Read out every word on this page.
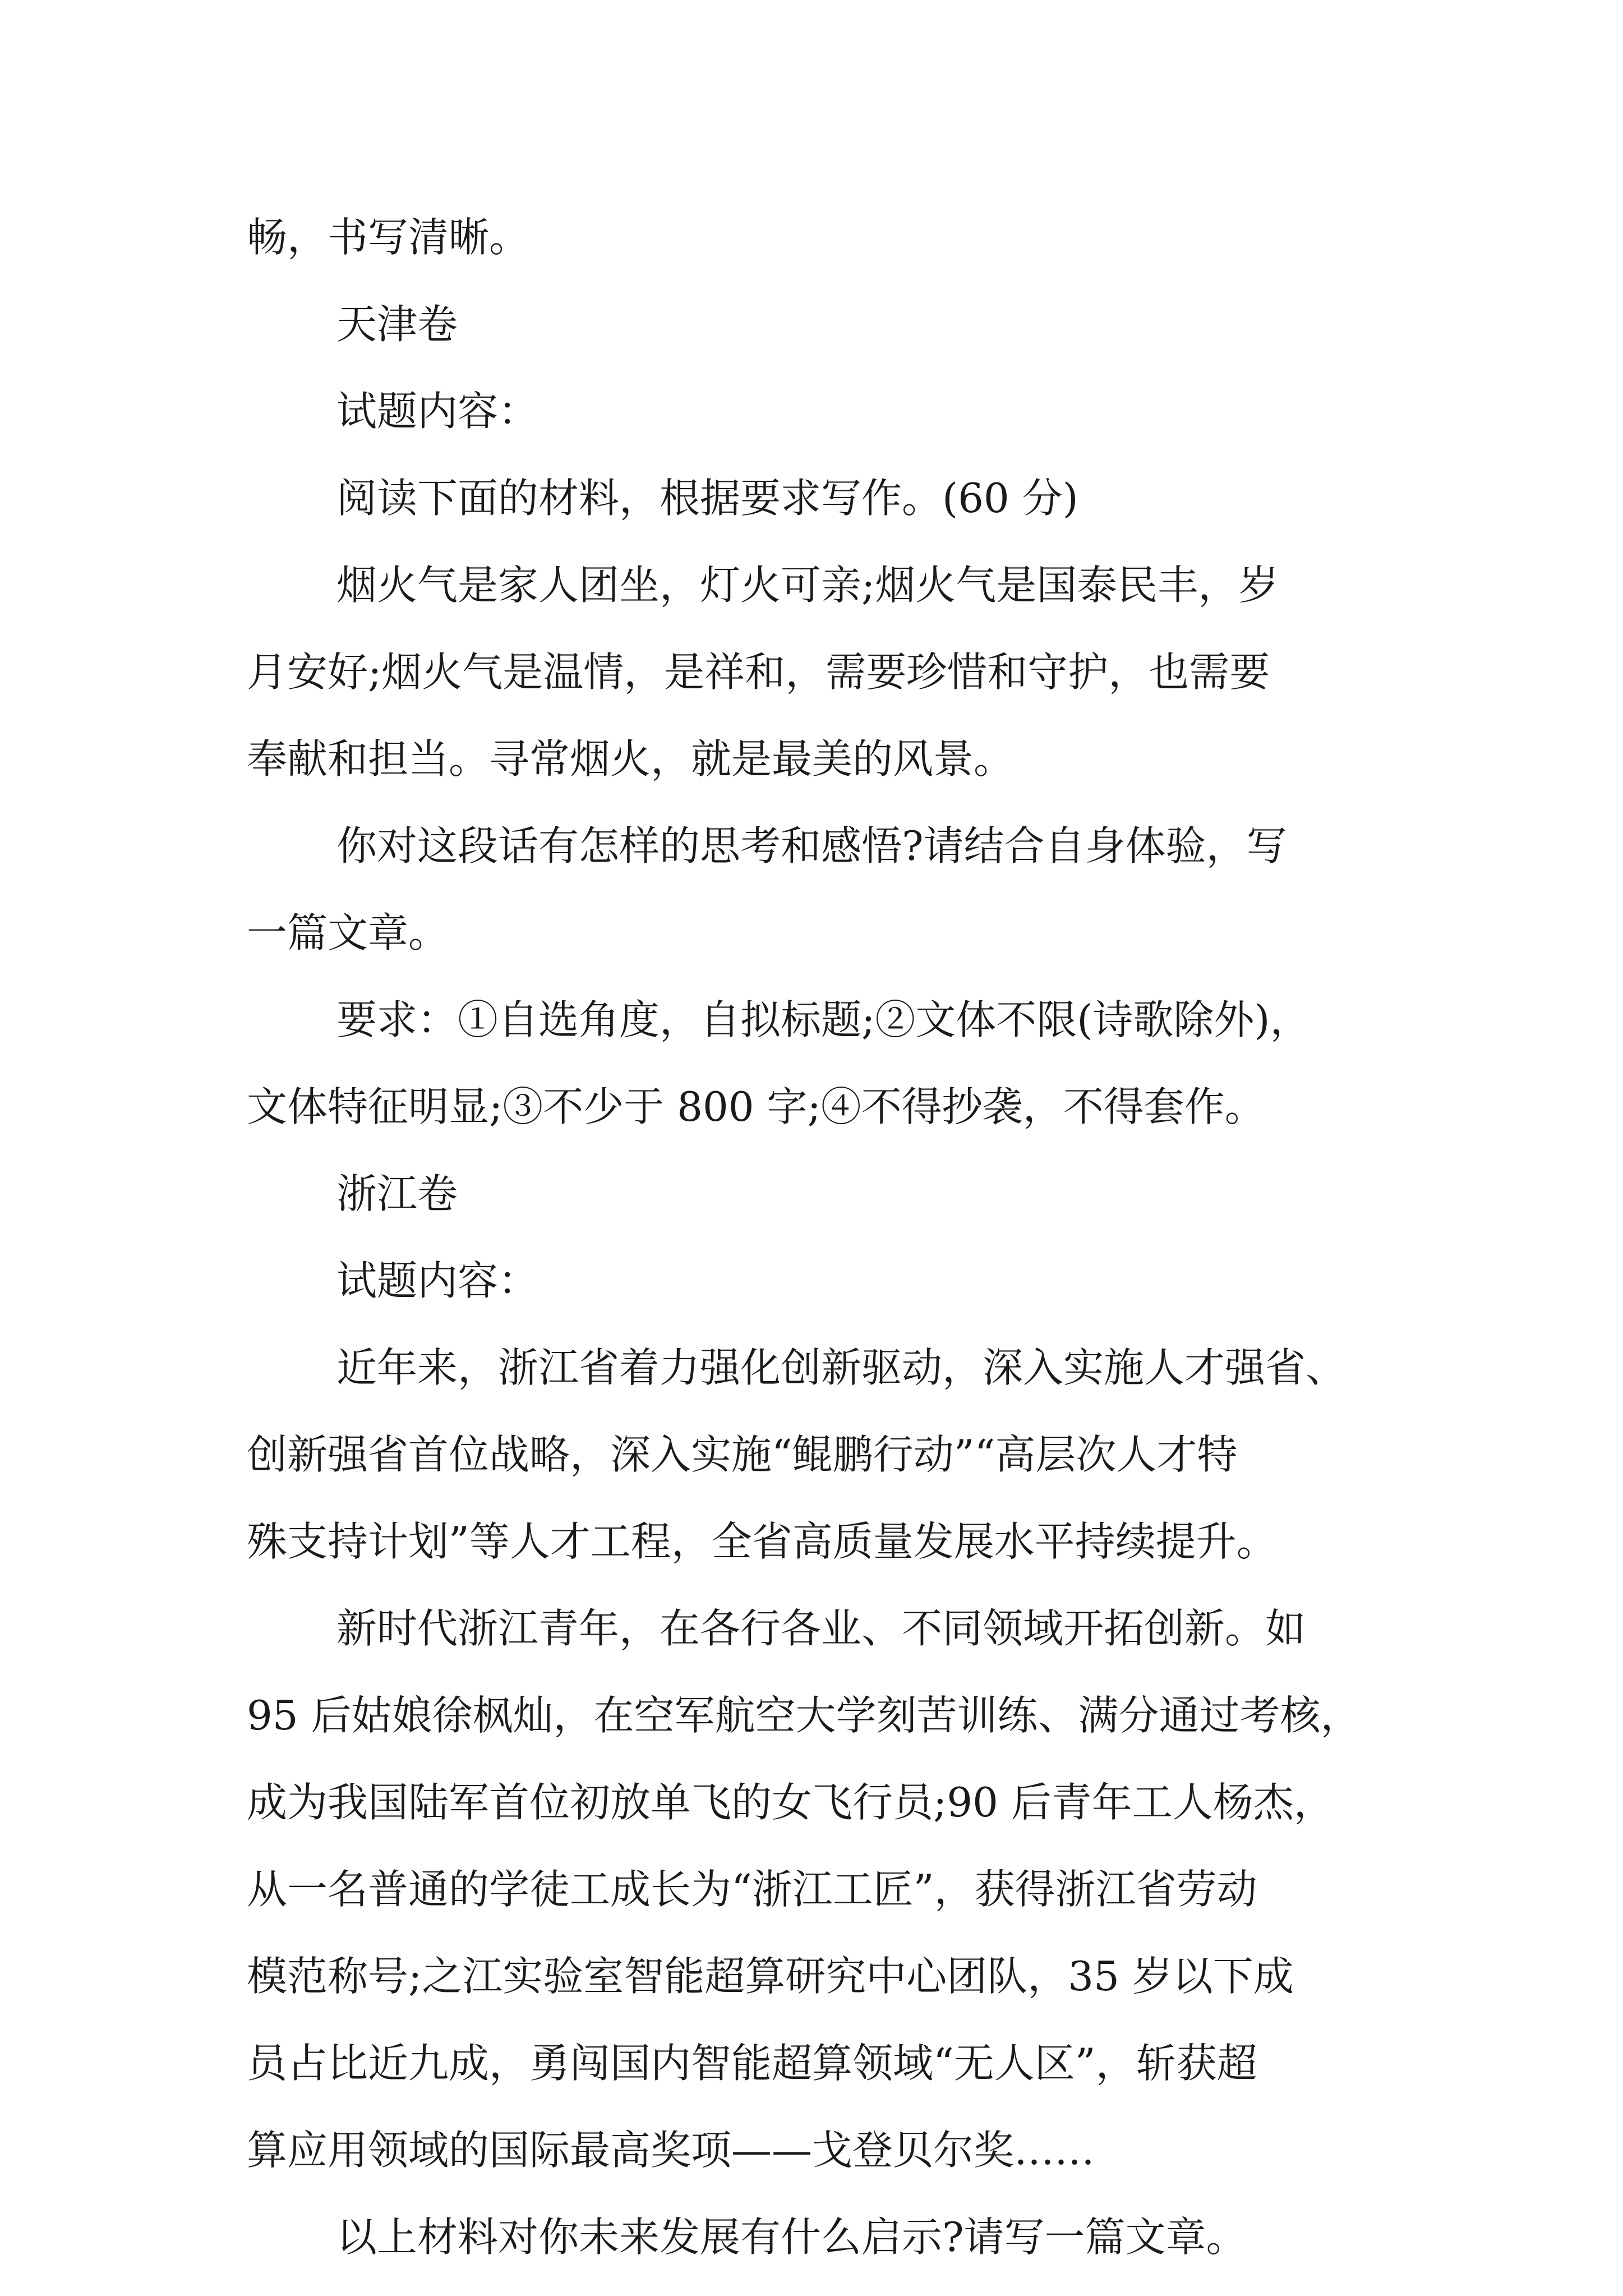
畅，书写清晰。
天津卷
试题内容：
阅读下面的材料，根据要求写作。(60 分)
烟火气是家人团坐，灯火可亲;烟火气是国泰民丰，岁
月安好;烟火气是温情，是祥和，需要珍惜和守护，也需要
奉献和担当。寻常烟火，就是最美的风景。
你对这段话有怎样的思考和感悟?请结合自身体验，写
一篇文章。
要求：①自选角度，自拟标题;②文体不限(诗歌除外)，
文体特征明显;③不少于 800 字;④不得抄袭，不得套作。
浙江卷
试题内容：
近年来，浙江省着力强化创新驱动，深入实施人才强省、
创新强省首位战略，深入实施“鲲鹏行动”“高层次人才特
殊支持计划”等人才工程，全省高质量发展水平持续提升。
新时代浙江青年，在各行各业、不同领域开拓创新。如
95 后姑娘徐枫灿，在空军航空大学刻苦训练、满分通过考核，
成为我国陆军首位初放单飞的女飞行员;90 后青年工人杨杰，
从一名普通的学徒工成长为“浙江工匠”，获得浙江省劳动
模范称号;之江实验室智能超算研究中心团队，35 岁以下成
员占比近九成，勇闯国内智能超算领域“无人区”，斩获超
算应用领域的国际最高奖项——戈登贝尔奖……
以上材料对你未来发展有什么启示?请写一篇文章。
